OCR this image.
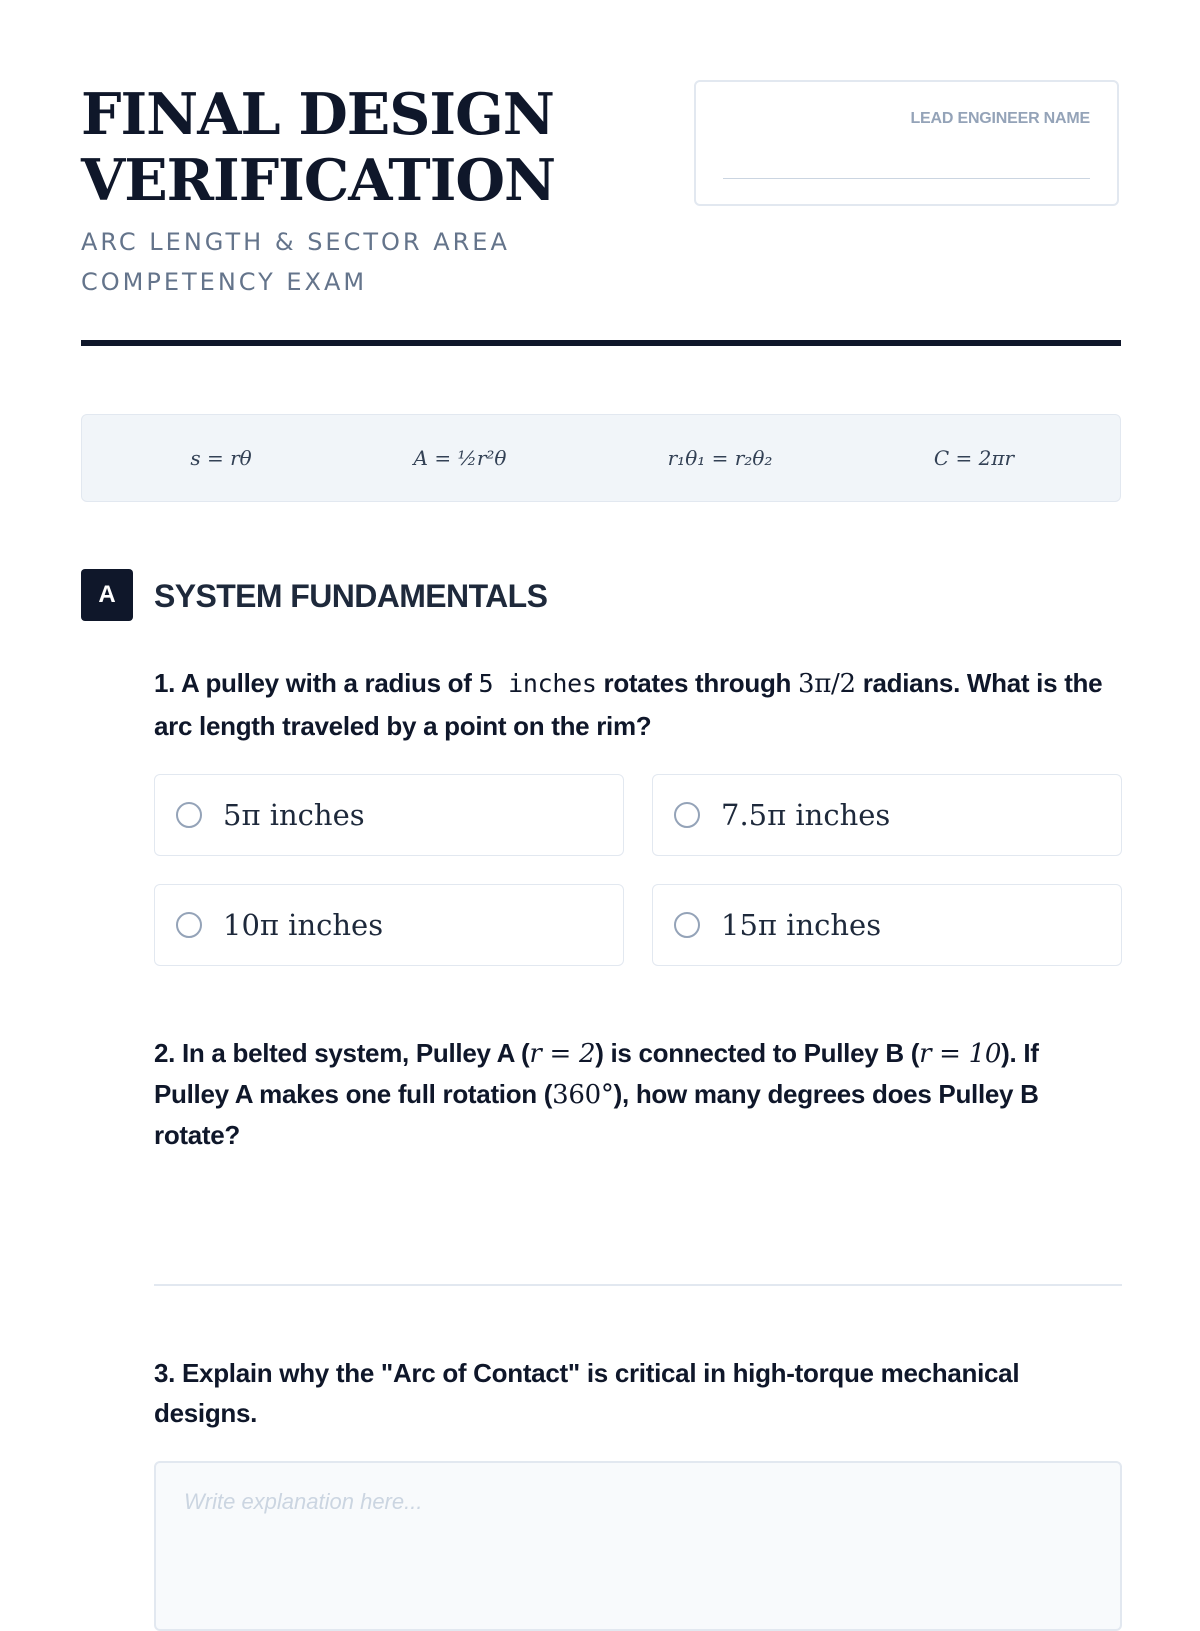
FINAL DESIGN
VERIFICATION

ARC LENGTH & SECTOR AREA
COMPETENCY EXAM

LEAD ENGINEER NAME
s = rθ	A = ½r²θ	r₁θ₁ = r₂θ₂	C = 2πr
A	SYSTEM FUNDAMENTALS
1. A pulley with a radius of 5 inches rotates through 3π/2 radians. What is the arc length traveled by a point on the rim?
5π inches	7.5π inches
10π inches	15π inches
2. In a belted system, Pulley A (r = 2) is connected to Pulley B (r = 10). If Pulley A makes one full rotation (360°), how many degrees does Pulley B rotate?
3. Explain why the "Arc of Contact" is critical in high-torque mechanical designs.
Write explanation here...
